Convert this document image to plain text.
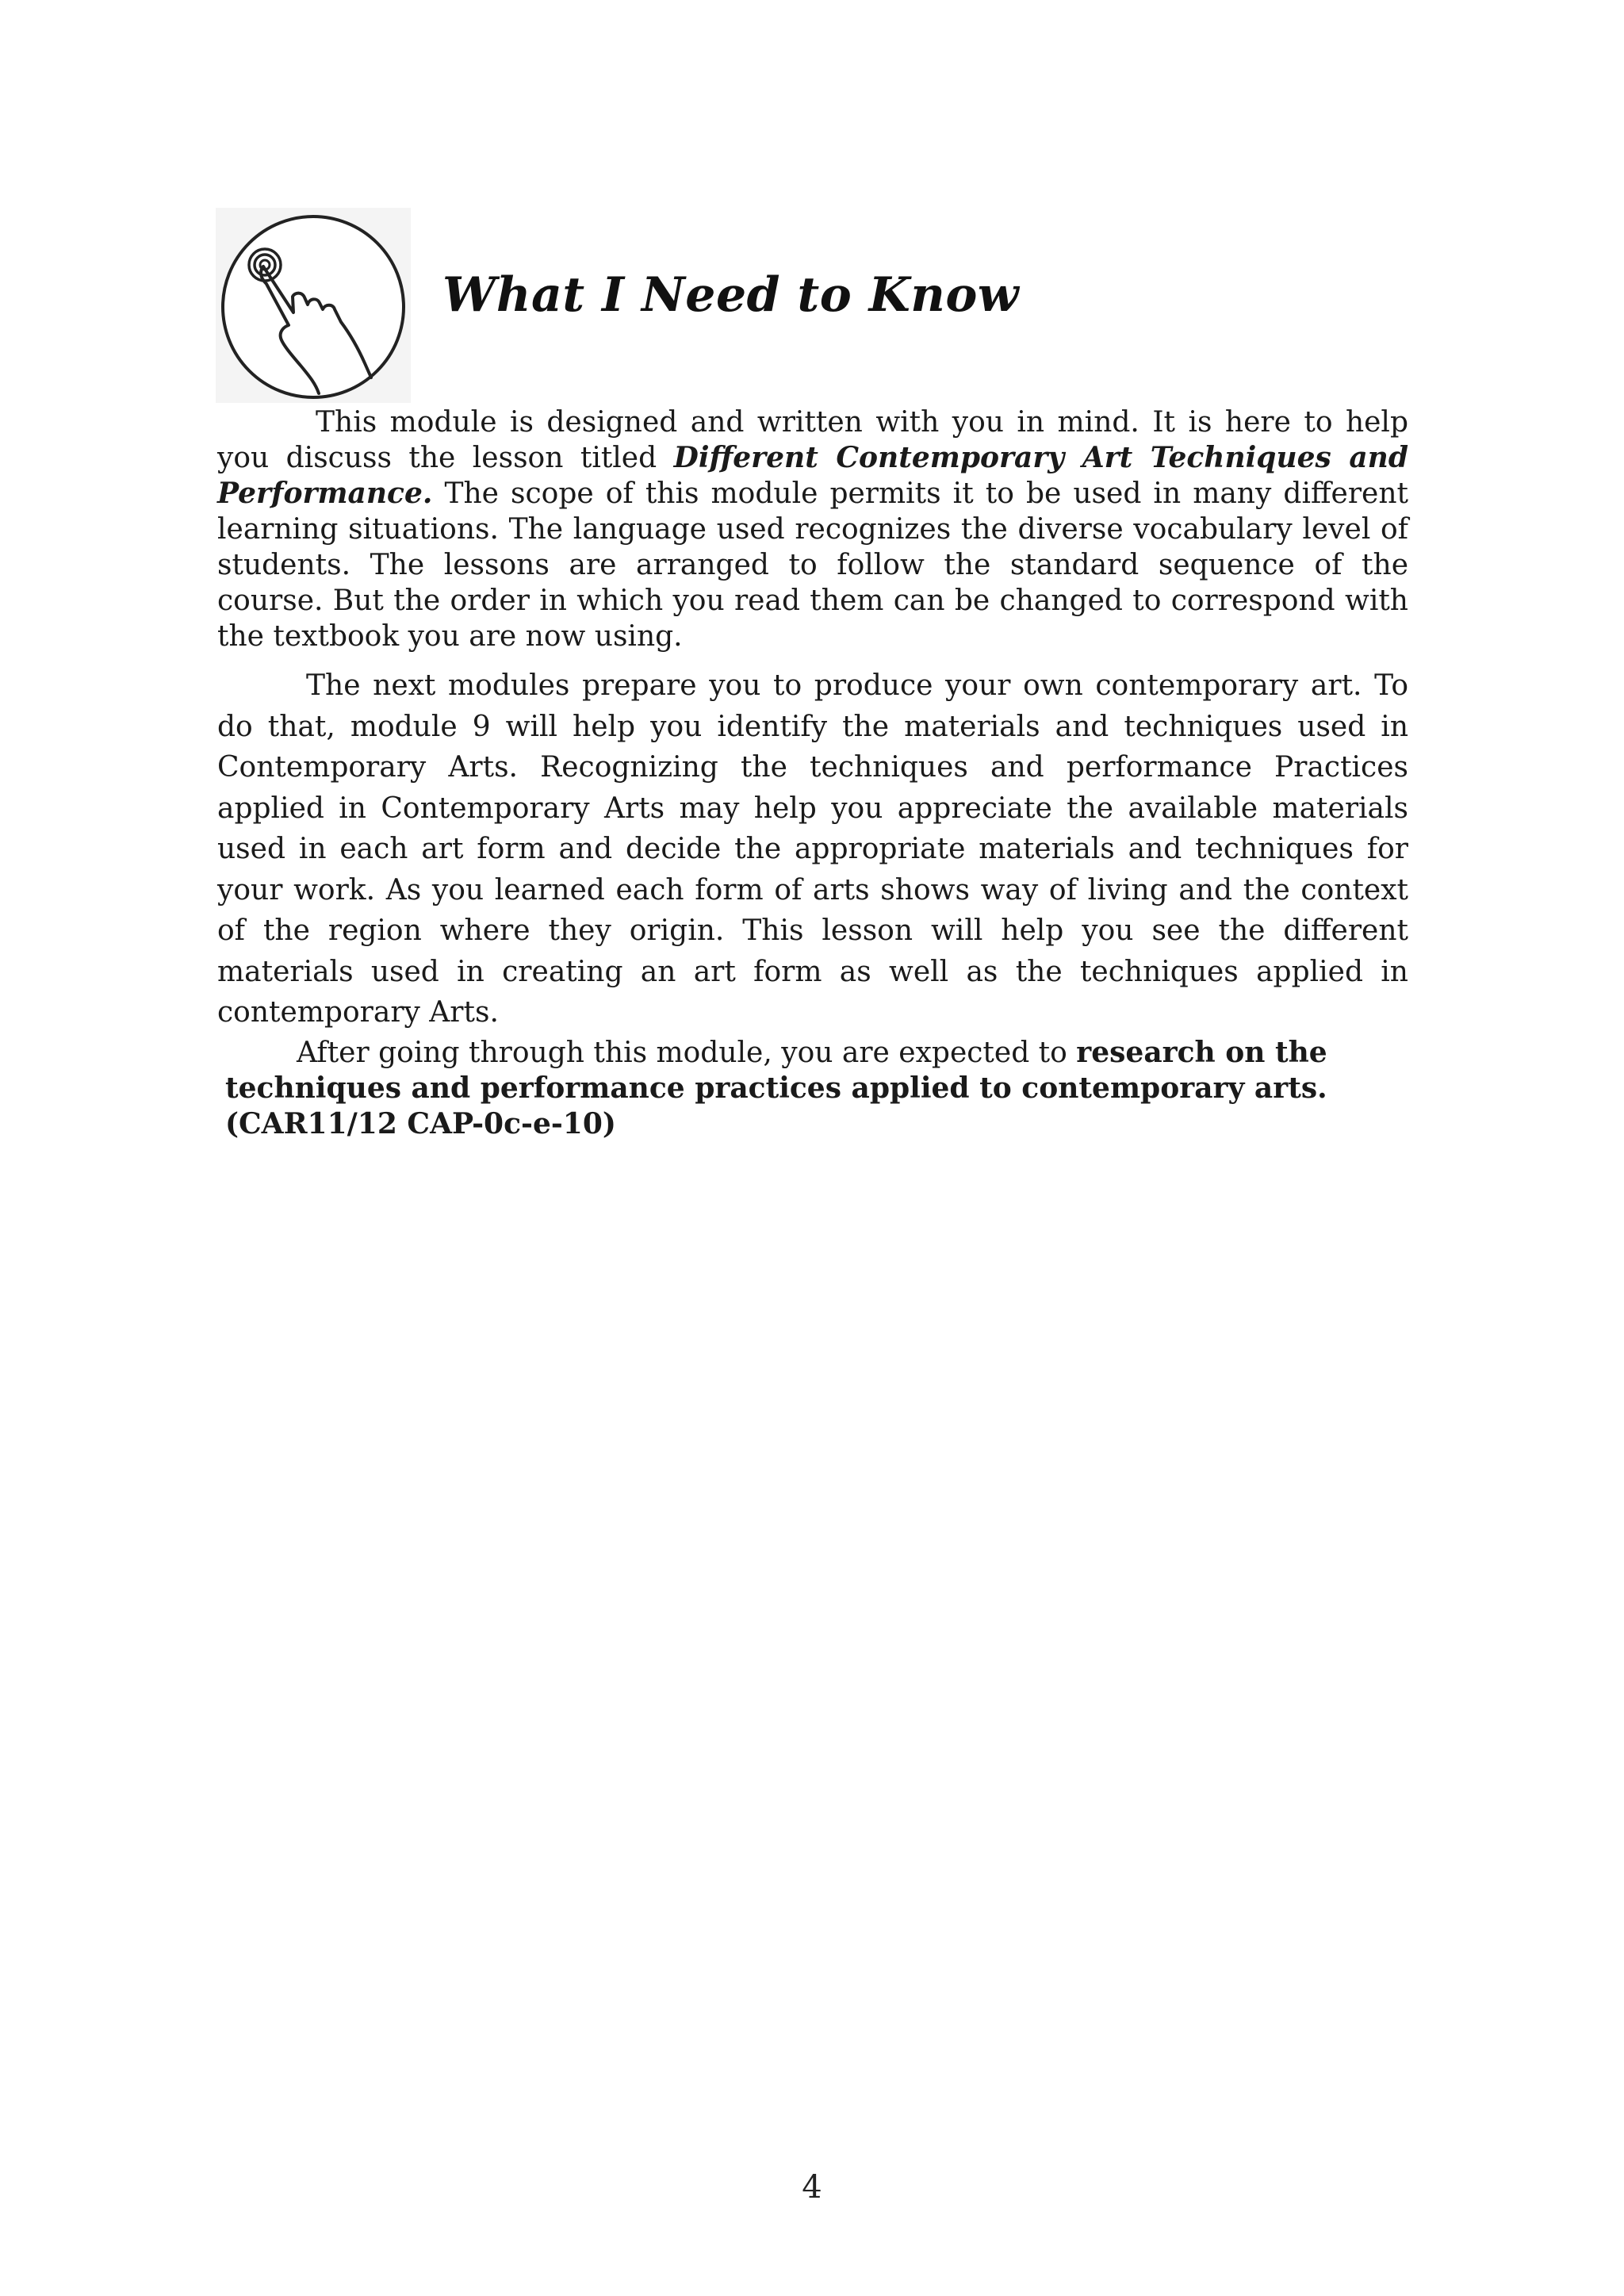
What I Need to Know

This module is designed and written with you in mind. It is here to help you discuss the lesson titled Different Contemporary Art Techniques and Performance. The scope of this module permits it to be used in many different learning situations. The language used recognizes the diverse vocabulary level of students. The lessons are arranged to follow the standard sequence of the course. But the order in which you read them can be changed to correspond with the textbook you are now using.

The next modules prepare you to produce your own contemporary art. To do that, module 9 will help you identify the materials and techniques used in Contemporary Arts. Recognizing the techniques and performance Practices applied in Contemporary Arts may help you appreciate the available materials used in each art form and decide the appropriate materials and techniques for your work. As you learned each form of arts shows way of living and the context of the region where they origin. This lesson will help you see the different materials used in creating an art form as well as the techniques applied in contemporary Arts.

After going through this module, you are expected to research on the
techniques and performance practices applied to contemporary arts.
(CAR11/12 CAP-0c-e-10)

4
